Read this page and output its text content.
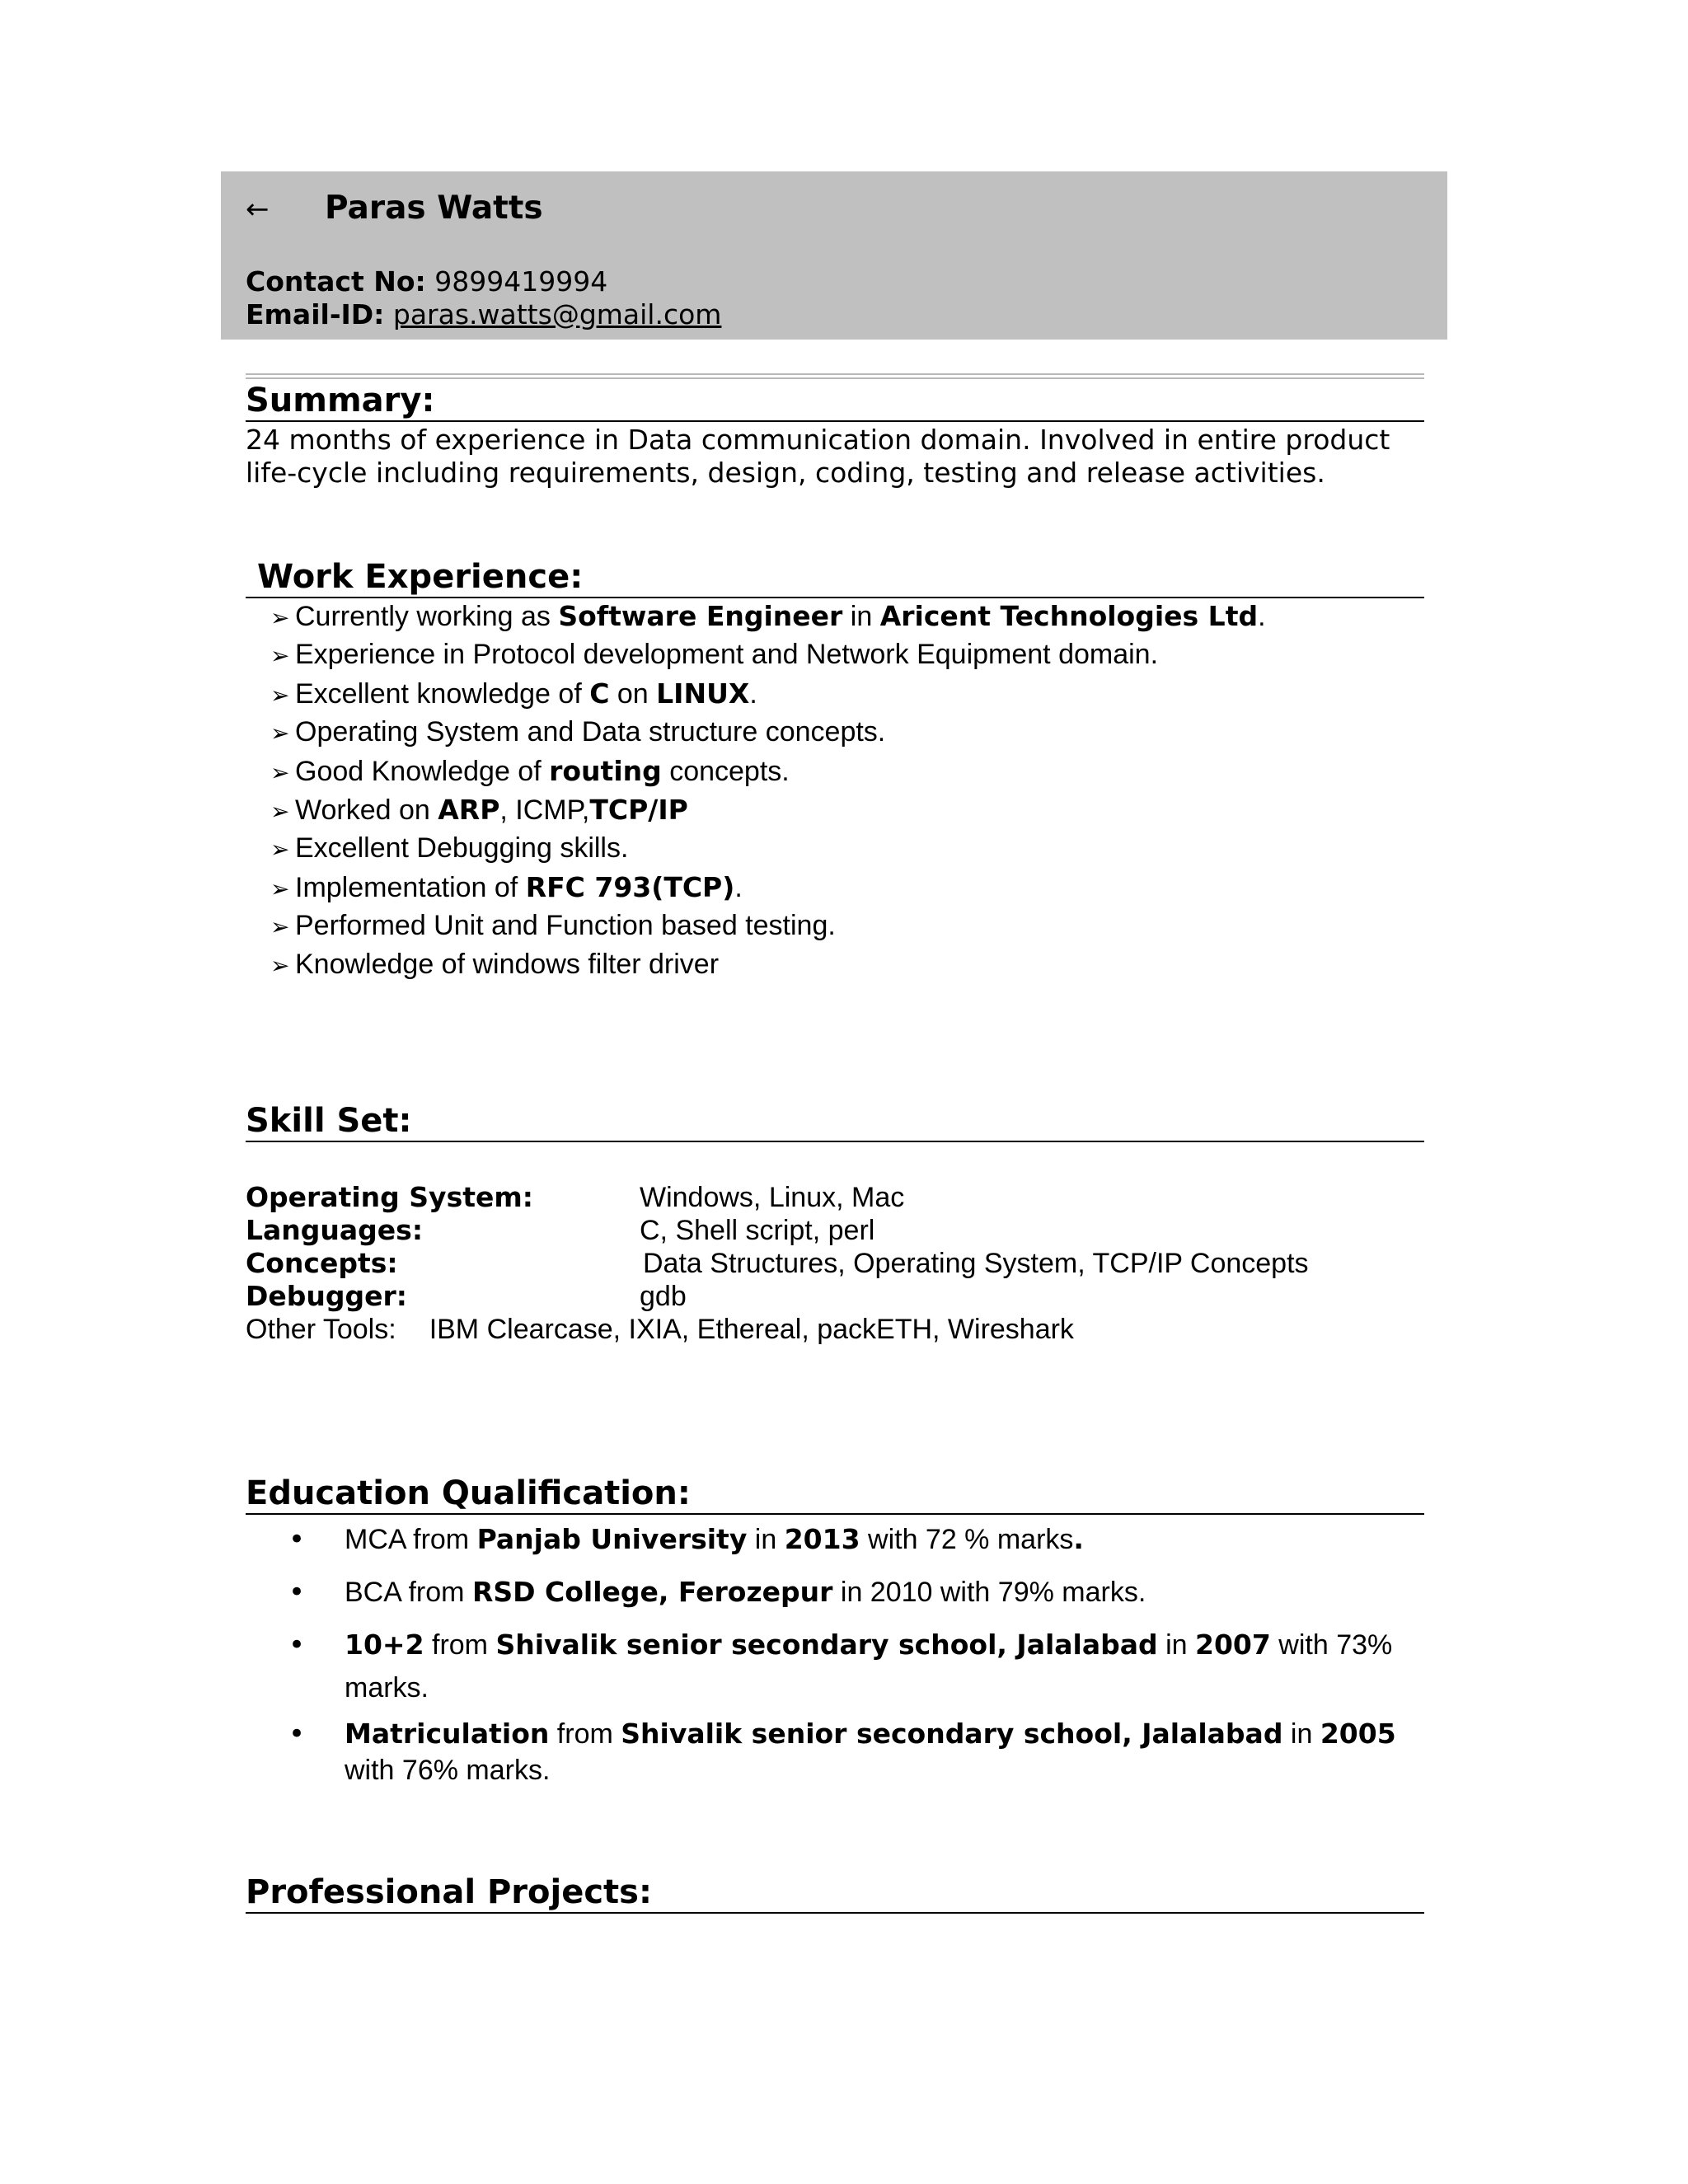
← Paras Watts
Contact No: 9899419994
Email-ID: paras.watts@gmail.com
Summary:
24 months of experience in Data communication domain. Involved in entire product
life-cycle including requirements, design, coding, testing and release activities.
Work Experience:
➢ Currently working as Software Engineer in Aricent Technologies Ltd.
➢ Experience in Protocol development and Network Equipment domain.
➢ Excellent knowledge of C on LINUX.
➢ Operating System and Data structure concepts.
➢ Good Knowledge of routing concepts.
➢ Worked on ARP, ICMP,TCP/IP
➢ Excellent Debugging skills.
➢ Implementation of RFC 793(TCP).
➢ Performed Unit and Function based testing.
➢ Knowledge of windows filter driver
Skill Set:
Operating System:	Windows, Linux, Mac
Languages:	C, Shell script, perl
Concepts:	Data Structures, Operating System, TCP/IP Concepts
Debugger:	gdb
Other Tools: IBM Clearcase, IXIA, Ethereal, packETH, Wireshark
Education Qualification:
• MCA from Panjab University in 2013 with 72 % marks.
• BCA from RSD College, Ferozepur in 2010 with 79% marks.
• 10+2 from Shivalik senior secondary school, Jalalabad in 2007 with 73%
marks.
• Matriculation from Shivalik senior secondary school, Jalalabad in 2005
with 76% marks.
Professional Projects:
